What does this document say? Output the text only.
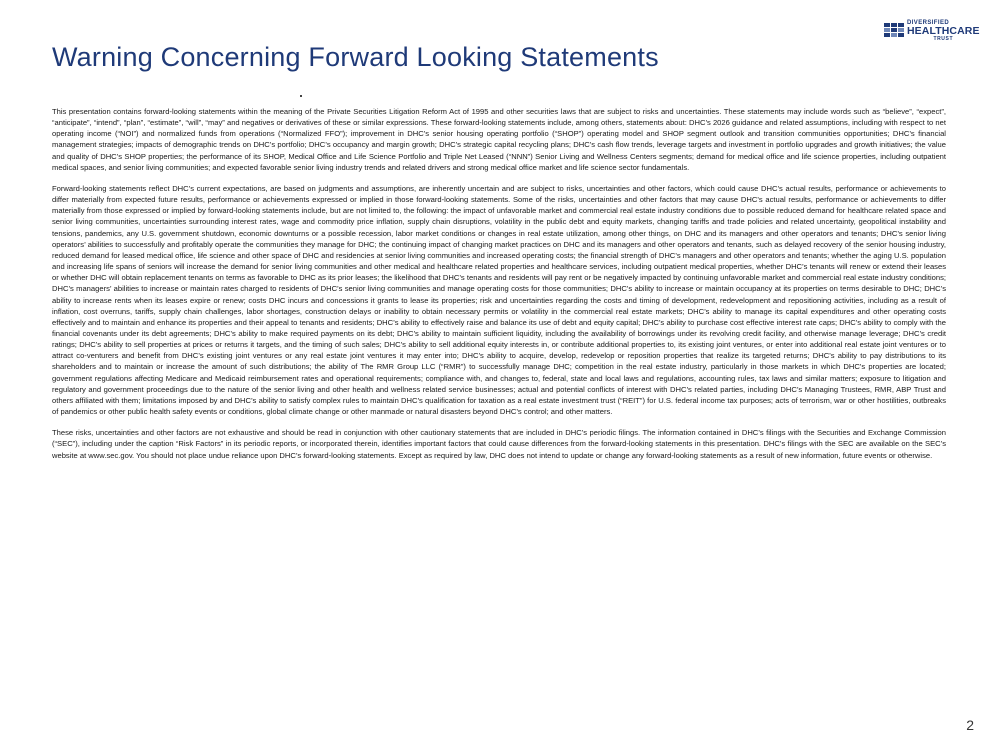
DIVERSIFIED
HEALTHCARE
TRUST
Warning Concerning Forward Looking Statements

This presentation contains forward-looking statements within the meaning of the Private Securities Litigation Reform Act of 1995 and other securities laws that are subject to risks and uncertainties. These statements may include words such as “believe”, “expect”, “anticipate”, “intend”, “plan”, “estimate”, “will”, “may” and negatives or derivatives of these or similar expressions. These forward-looking statements include, among others, statements about: DHC’s 2026 guidance and related assumptions, including with respect to net operating income (“NOI”) and normalized funds from operations (“Normalized FFO”); improvement in DHC’s senior housing operating portfolio (“SHOP”) operating model and SHOP segment outlook and transition communities opportunities; DHC’s financial management strategies; impacts of demographic trends on DHC’s portfolio; DHC’s occupancy and margin growth; DHC’s strategic capital recycling plans; DHC’s cash flow trends, leverage targets and investment in portfolio upgrades and growth initiatives; the value and quality of DHC’s SHOP properties; the performance of its SHOP, Medical Office and Life Science Portfolio and Triple Net Leased (“NNN”) Senior Living and Wellness Centers segments; demand for medical office and life science properties, including outpatient medical spaces, and senior living communities; and expected favorable senior living industry trends and related drivers and strong medical office market and life science sector fundamentals.

Forward-looking statements reflect DHC’s current expectations, are based on judgments and assumptions, are inherently uncertain and are subject to risks, uncertainties and other factors, which could cause DHC’s actual results, performance or achievements to differ materially from expected future results, performance or achievements expressed or implied in those forward-looking statements. Some of the risks, uncertainties and other factors that may cause DHC’s actual results, performance or achievements to differ materially from those expressed or implied by forward-looking statements include, but are not limited to, the following: the impact of unfavorable market and commercial real estate industry conditions due to possible reduced demand for healthcare related space and senior living communities, uncertainties surrounding interest rates, wage and commodity price inflation, supply chain disruptions, volatility in the public debt and equity markets, changing tariffs and trade policies and related uncertainty, geopolitical instability and tensions, pandemics, any U.S. government shutdown, economic downturns or a possible recession, labor market conditions or changes in real estate utilization, among other things, on DHC and its managers and other operators and tenants; DHC’s senior living operators’ abilities to successfully and profitably operate the communities they manage for DHC; the continuing impact of changing market practices on DHC and its managers and other operators and tenants, such as delayed recovery of the senior housing industry, reduced demand for leased medical office, life science and other space of DHC and residencies at senior living communities and increased operating costs; the financial strength of DHC’s managers and other operators and tenants; whether the aging U.S. population and increasing life spans of seniors will increase the demand for senior living communities and other medical and healthcare related properties and healthcare services, including outpatient medical properties, whether DHC’s tenants will renew or extend their leases or whether DHC will obtain replacement tenants on terms as favorable to DHC as its prior leases; the likelihood that DHC’s tenants and residents will pay rent or be negatively impacted by continuing unfavorable market and commercial real estate industry conditions; DHC’s managers’ abilities to increase or maintain rates charged to residents of DHC’s senior living communities and manage operating costs for those communities; DHC’s ability to increase or maintain occupancy at its properties on terms desirable to DHC; DHC’s ability to increase rents when its leases expire or renew; costs DHC incurs and concessions it grants to lease its properties; risk and uncertainties regarding the costs and timing of development, redevelopment and repositioning activities, including as a result of inflation, cost overruns, tariffs, supply chain challenges, labor shortages, construction delays or inability to obtain necessary permits or volatility in the commercial real estate markets; DHC’s ability to manage its capital expenditures and other operating costs effectively and to maintain and enhance its properties and their appeal to tenants and residents; DHC’s ability to effectively raise and balance its use of debt and equity capital; DHC’s ability to purchase cost effective interest rate caps; DHC’s ability to comply with the financial covenants under its debt agreements; DHC’s ability to make required payments on its debt; DHC’s ability to maintain sufficient liquidity, including the availability of borrowings under its revolving credit facility, and otherwise manage leverage; DHC’s credit ratings; DHC’s ability to sell properties at prices or returns it targets, and the timing of such sales; DHC’s ability to sell additional equity interests in, or contribute additional properties to, its existing joint ventures, or enter into additional real estate joint ventures or to attract co-venturers and benefit from DHC’s existing joint ventures or any real estate joint ventures it may enter into; DHC’s ability to acquire, develop, redevelop or reposition properties that realize its targeted returns; DHC’s ability to pay distributions to its shareholders and to maintain or increase the amount of such distributions; the ability of The RMR Group LLC (“RMR”) to successfully manage DHC; competition in the real estate industry, particularly in those markets in which DHC’s properties are located; government regulations affecting Medicare and Medicaid reimbursement rates and operational requirements; compliance with, and changes to, federal, state and local laws and regulations, accounting rules, tax laws and similar matters; exposure to litigation and regulatory and government proceedings due to the nature of the senior living and other health and wellness related service businesses; actual and potential conflicts of interest with DHC’s related parties, including DHC’s Managing Trustees, RMR, ABP Trust and others affiliated with them; limitations imposed by and DHC’s ability to satisfy complex rules to maintain DHC’s qualification for taxation as a real estate investment trust (“REIT”) for U.S. federal income tax purposes; acts of terrorism, war or other hostilities, outbreaks of pandemics or other public health safety events or conditions, global climate change or other manmade or natural disasters beyond DHC’s control; and other matters.

These risks, uncertainties and other factors are not exhaustive and should be read in conjunction with other cautionary statements that are included in DHC’s periodic filings. The information contained in DHC’s filings with the Securities and Exchange Commission (“SEC”), including under the caption “Risk Factors” in its periodic reports, or incorporated therein, identifies important factors that could cause differences from the forward-looking statements in this presentation. DHC’s filings with the SEC are available on the SEC’s website at www.sec.gov. You should not place undue reliance upon DHC’s forward-looking statements. Except as required by law, DHC does not intend to update or change any forward-looking statements as a result of new information, future events or otherwise.

2
